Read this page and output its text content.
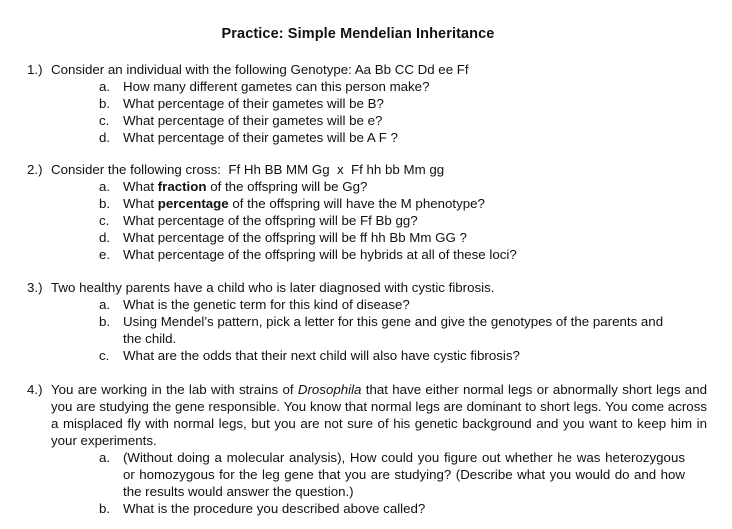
Practice: Simple Mendelian Inheritance
1.) Consider an individual with the following Genotype: Aa Bb CC Dd ee Ff
a. How many different gametes can this person make?
b. What percentage of their gametes will be B?
c.	What percentage of their gametes will be e?
d. What percentage of their gametes will be A F ?
2.) Consider the following cross:  Ff Hh BB MM Gg  x  Ff hh bb Mm gg
a. What fraction of the offspring will be Gg?
b. What percentage of the offspring will have the M phenotype?
c.	What percentage of the offspring will be Ff Bb gg?
d. What percentage of the offspring will be ff hh Bb Mm GG ?
e. What percentage of the offspring will be hybrids at all of these loci?
3.) Two healthy parents have a child who is later diagnosed with cystic fibrosis.
a. What is the genetic term for this kind of disease?
b. Using Mendel’s pattern, pick a letter for this gene and give the genotypes of the parents and the child.
c.	What are the odds that their next child will also have cystic fibrosis?
4.) You are working in the lab with strains of Drosophila that have either normal legs or abnormally short legs and you are studying the gene responsible. You know that normal legs are dominant to short legs. You come across a misplaced fly with normal legs, but you are not sure of his genetic background and you want to keep him in your experiments.
a. (Without doing a molecular analysis), How could you figure out whether he was heterozygous or homozygous for the leg gene that you are studying? (Describe what you would do and how the results would answer the question.)
b. What is the procedure you described above called?
